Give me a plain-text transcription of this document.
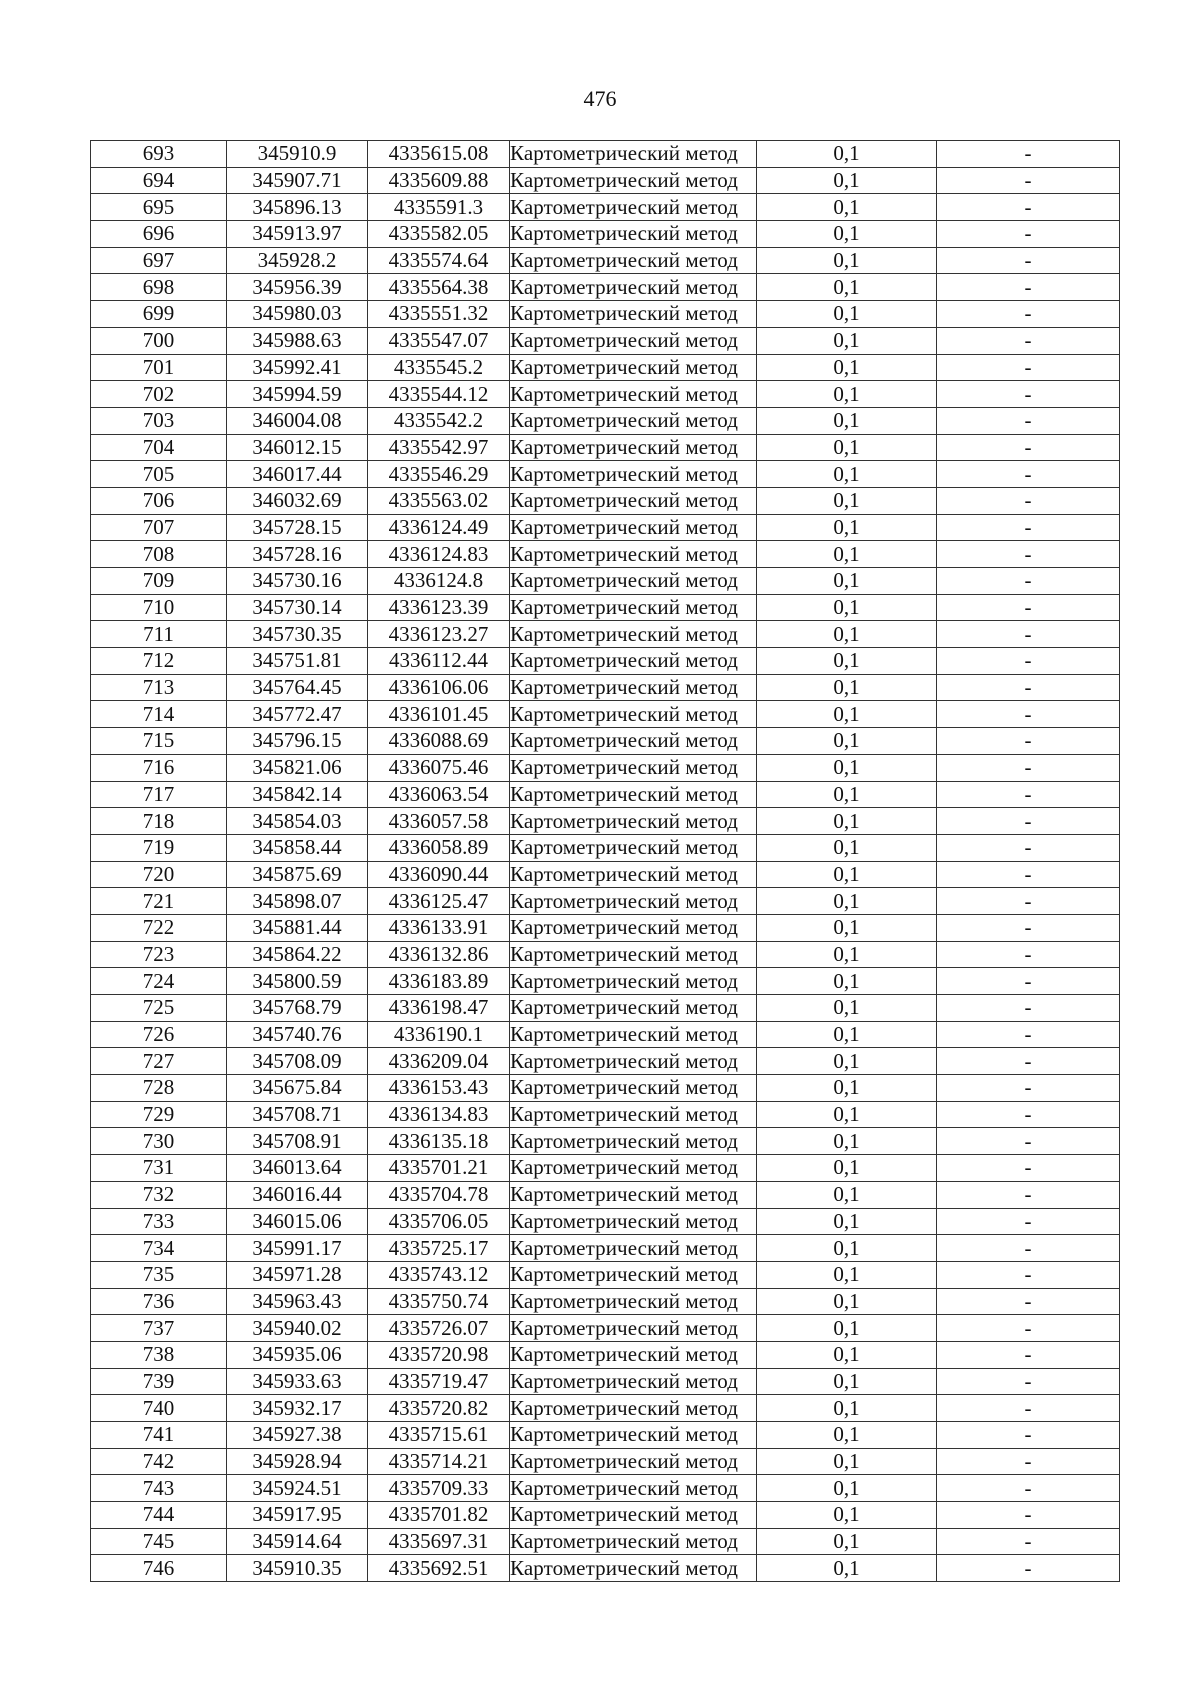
476
693	345910.9	4335615.08	Картометрический метод	0,1	-
694	345907.71	4335609.88	Картометрический метод	0,1	-
695	345896.13	4335591.3	Картометрический метод	0,1	-
696	345913.97	4335582.05	Картометрический метод	0,1	-
697	345928.2	4335574.64	Картометрический метод	0,1	-
698	345956.39	4335564.38	Картометрический метод	0,1	-
699	345980.03	4335551.32	Картометрический метод	0,1	-
700	345988.63	4335547.07	Картометрический метод	0,1	-
701	345992.41	4335545.2	Картометрический метод	0,1	-
702	345994.59	4335544.12	Картометрический метод	0,1	-
703	346004.08	4335542.2	Картометрический метод	0,1	-
704	346012.15	4335542.97	Картометрический метод	0,1	-
705	346017.44	4335546.29	Картометрический метод	0,1	-
706	346032.69	4335563.02	Картометрический метод	0,1	-
707	345728.15	4336124.49	Картометрический метод	0,1	-
708	345728.16	4336124.83	Картометрический метод	0,1	-
709	345730.16	4336124.8	Картометрический метод	0,1	-
710	345730.14	4336123.39	Картометрический метод	0,1	-
711	345730.35	4336123.27	Картометрический метод	0,1	-
712	345751.81	4336112.44	Картометрический метод	0,1	-
713	345764.45	4336106.06	Картометрический метод	0,1	-
714	345772.47	4336101.45	Картометрический метод	0,1	-
715	345796.15	4336088.69	Картометрический метод	0,1	-
716	345821.06	4336075.46	Картометрический метод	0,1	-
717	345842.14	4336063.54	Картометрический метод	0,1	-
718	345854.03	4336057.58	Картометрический метод	0,1	-
719	345858.44	4336058.89	Картометрический метод	0,1	-
720	345875.69	4336090.44	Картометрический метод	0,1	-
721	345898.07	4336125.47	Картометрический метод	0,1	-
722	345881.44	4336133.91	Картометрический метод	0,1	-
723	345864.22	4336132.86	Картометрический метод	0,1	-
724	345800.59	4336183.89	Картометрический метод	0,1	-
725	345768.79	4336198.47	Картометрический метод	0,1	-
726	345740.76	4336190.1	Картометрический метод	0,1	-
727	345708.09	4336209.04	Картометрический метод	0,1	-
728	345675.84	4336153.43	Картометрический метод	0,1	-
729	345708.71	4336134.83	Картометрический метод	0,1	-
730	345708.91	4336135.18	Картометрический метод	0,1	-
731	346013.64	4335701.21	Картометрический метод	0,1	-
732	346016.44	4335704.78	Картометрический метод	0,1	-
733	346015.06	4335706.05	Картометрический метод	0,1	-
734	345991.17	4335725.17	Картометрический метод	0,1	-
735	345971.28	4335743.12	Картометрический метод	0,1	-
736	345963.43	4335750.74	Картометрический метод	0,1	-
737	345940.02	4335726.07	Картометрический метод	0,1	-
738	345935.06	4335720.98	Картометрический метод	0,1	-
739	345933.63	4335719.47	Картометрический метод	0,1	-
740	345932.17	4335720.82	Картометрический метод	0,1	-
741	345927.38	4335715.61	Картометрический метод	0,1	-
742	345928.94	4335714.21	Картометрический метод	0,1	-
743	345924.51	4335709.33	Картометрический метод	0,1	-
744	345917.95	4335701.82	Картометрический метод	0,1	-
745	345914.64	4335697.31	Картометрический метод	0,1	-
746	345910.35	4335692.51	Картометрический метод	0,1	-
